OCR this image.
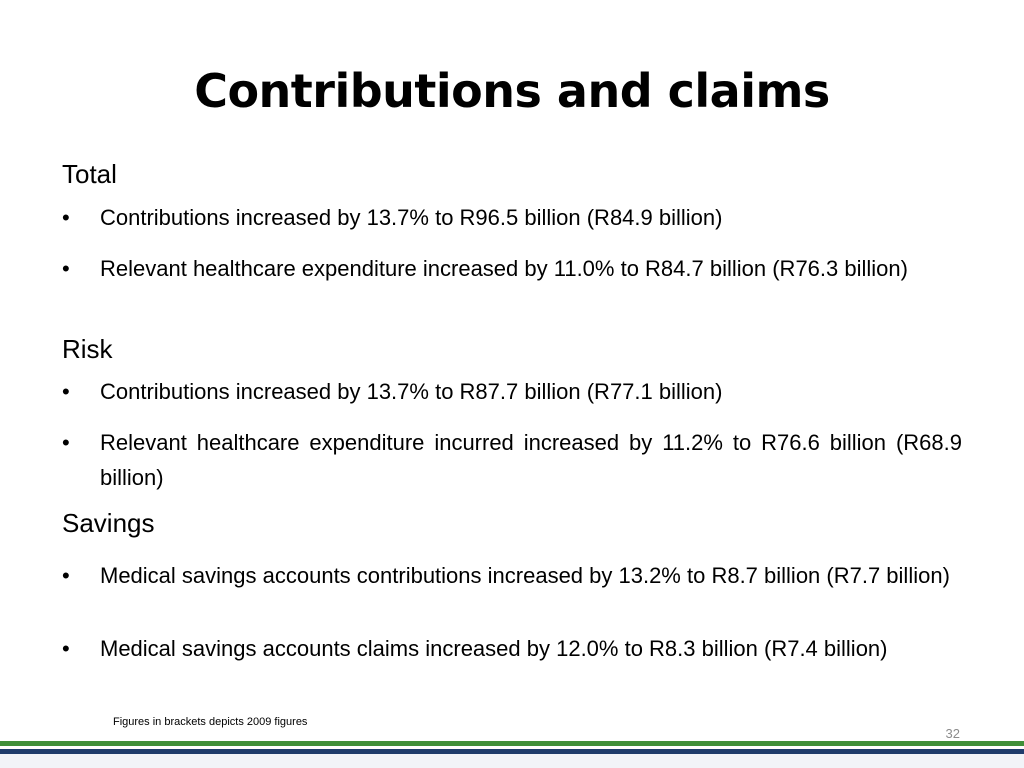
Contributions and claims
Total
•	Contributions increased by 13.7% to R96.5 billion (R84.9 billion)
•	Relevant healthcare expenditure increased by 11.0% to R84.7 billion (R76.3 billion)
Risk
•	Contributions increased by 13.7% to R87.7 billion (R77.1 billion)
•	Relevant healthcare expenditure incurred increased by 11.2% to R76.6 billion (R68.9 billion)
Savings
•	Medical savings accounts contributions increased by 13.2% to R8.7 billion (R7.7 billion)
•	Medical savings accounts claims increased by 12.0% to R8.3 billion (R7.4 billion)
Figures in brackets depicts 2009 figures
32
